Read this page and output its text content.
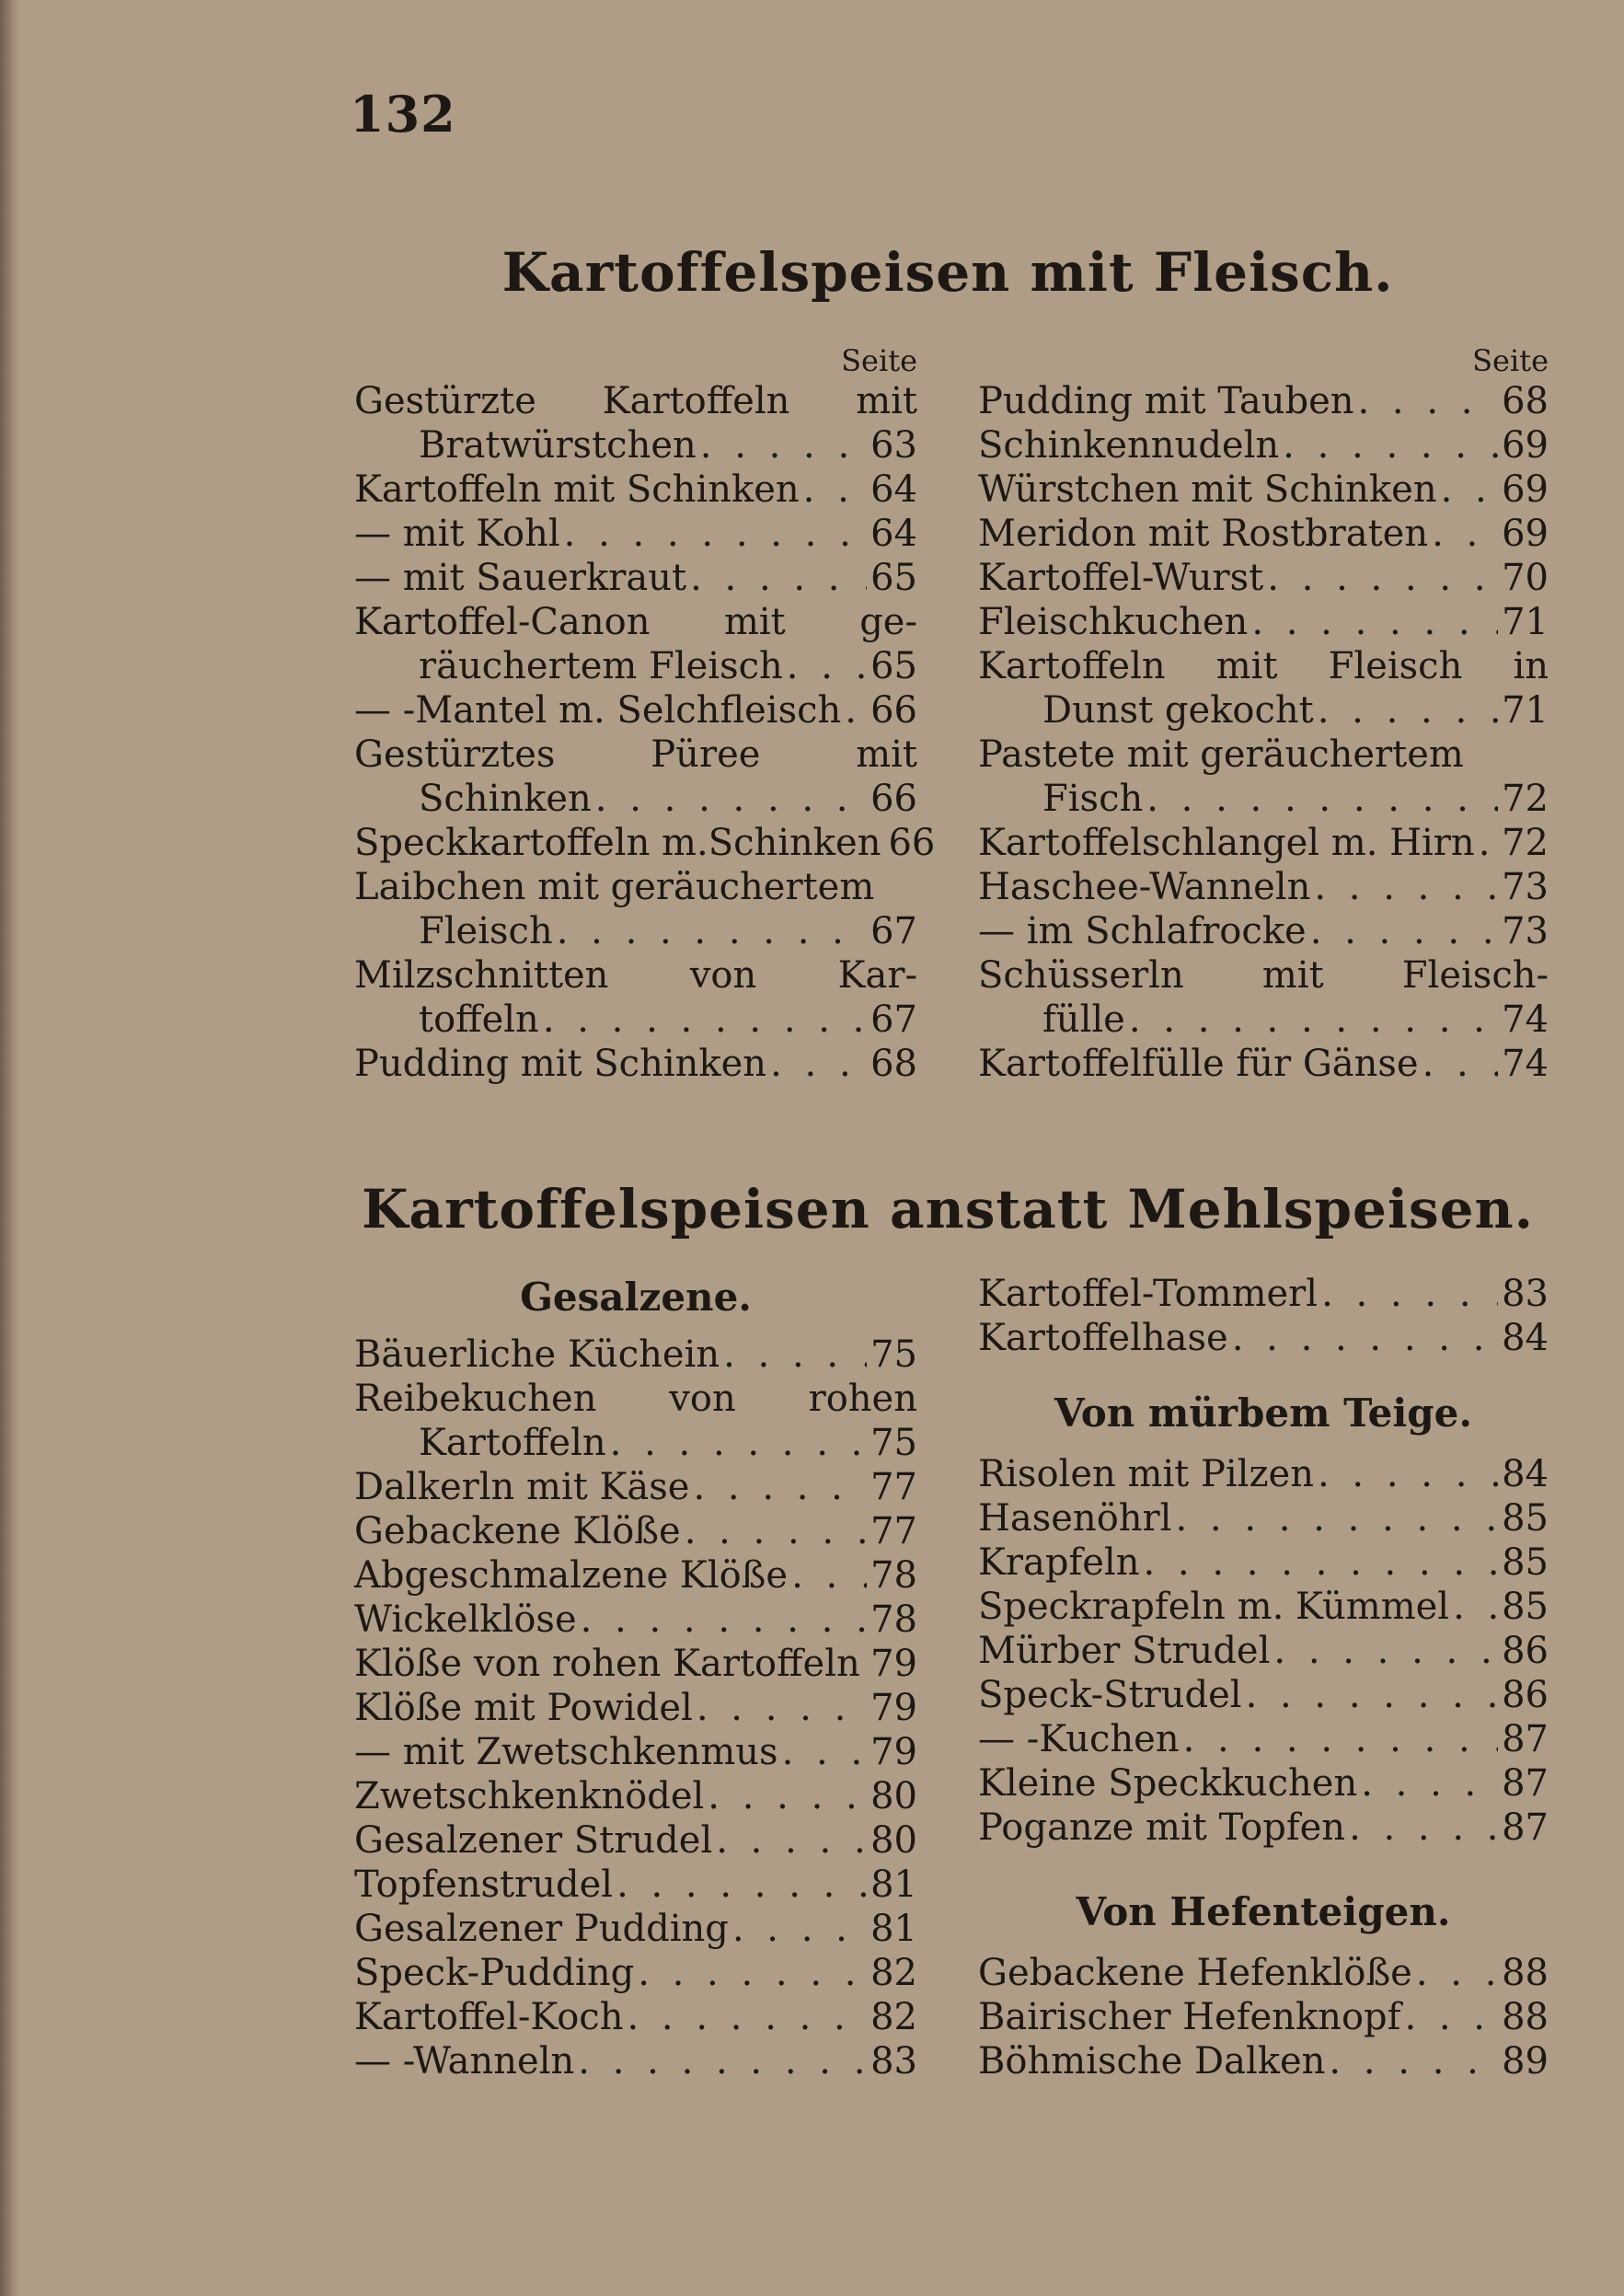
132
Kartoffelspeisen mit Fleisch.
Seite
Gestürzte Kartoffeln mit
Bratwürstchen . . .	63
Kartoffeln mit Schinken . . . 64
— mit Kohl . . .	64
— mit Sauerkraut . . .	65
Kartoffel-Canon mit ge-
räuchertem Fleisch . . . 65
— -Mantel m. Selchfleisch . . . 66
Gestürztes	Püree	mit
Schinken . . .	66
Speckkartoffeln m.Schinken 66
Laibchen mit geräuchertem
Fleisch . . .	67
Milzschnitten von Kar-
toffeln . . .	67
Pudding mit Schinken . . .	68
Seite
Pudding mit Tauben . . .	68
Schinkennudeln . . .	69
Würstchen mit Schinken . . . 69
Meridon mit Rostbraten . . . 69
Kartoffel-Wurst . . .	70
Fleischkuchen . . .	71
Kartoffeln mit Fleisch in
Dunst gekocht . . .	71
Pastete mit geräuchertem
Fisch . . .	72
Kartoffelschlangel m. Hirn . . . 72
Haschee-Wanneln . . .	73
— im Schlafrocke . . .	73
Schüsserln mit Fleisch-
fülle . . .	74
Kartoffelfülle für Gänse . . . 74
Kartoffelspeisen anstatt Mehlspeisen.
Gesalzene.
Bäuerliche Küchein . . .	75
Reibekuchen von rohen
Kartoffeln . . .	75
Dalkerln mit Käse . . .	77
Gebackene Klöße . . .	77
Abgeschmalzene Klöße . . . 78
Wickelklöse . . .	78
Klöße von rohen Kartoffeln . . . 79
Klöße mit Powidel . . .	79
— mit Zwetschkenmus . . .	79
Zwetschkenknödel . . .	80
Gesalzener Strudel . . .	80
Topfenstrudel . . .	81
Gesalzener Pudding . . .	81
Speck-Pudding . . .	82
Kartoffel-Koch . . .	82
— -Wanneln . . .	83
Kartoffel-Tommerl . . .	83
Kartoffelhase . . .	84
Von mürbem Teige.
Risolen mit Pilzen . . .	84
Hasenöhrl . . .	85
Krapfeln . . .	85
Speckrapfeln m. Kümmel . . . 85
Mürber Strudel . . .	86
Speck-Strudel . . .	86
— -Kuchen . . .	87
Kleine Speckkuchen . . .	87
Poganze mit Topfen . . .	87
Von Hefenteigen.
Gebackene Hefenklöße . . . 88
Bairischer Hefenknopf . . .	88
Böhmische Dalken . . .	89
